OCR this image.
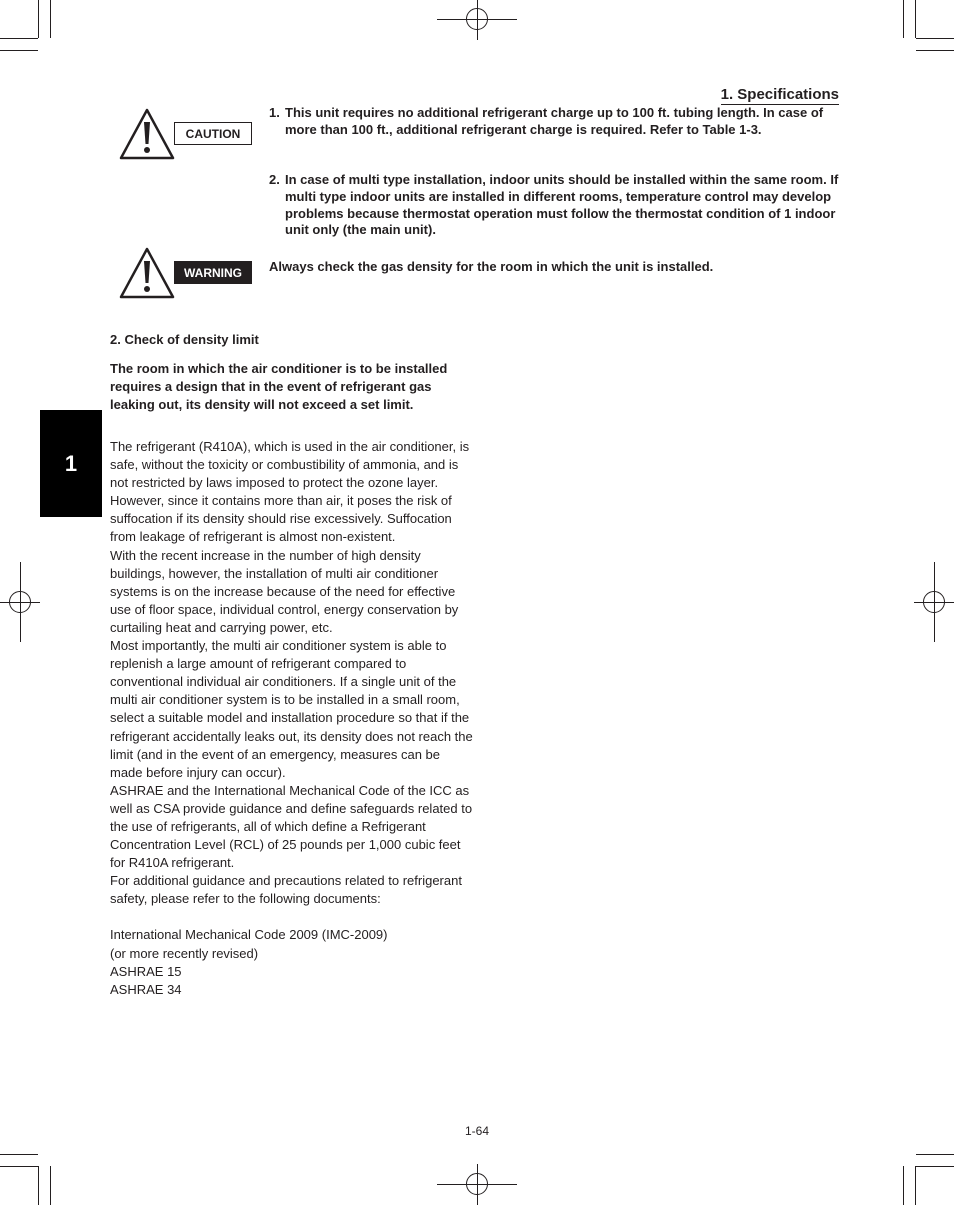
1. Specifications
CAUTION
1. This unit requires no additional refrigerant charge up to 100 ft. tubing length. In case of more than 100 ft., additional refrigerant charge is required. Refer to Table 1-3.
2. In case of multi type installation, indoor units should be installed within the same room. If multi type indoor units are installed in different rooms, temperature control may develop problems because thermostat operation must follow the thermostat condition of 1 indoor unit only (the main unit).
WARNING	Always check the gas density for the room in which the unit is installed.
1
2. Check of density limit
The room in which the air conditioner is to be installed requires a design that in the event of refrigerant gas leaking out, its density will not exceed a set limit.

The refrigerant (R410A), which is used in the air conditioner, is safe, without the toxicity or combustibility of ammonia, and is not restricted by laws imposed to protect the ozone layer. However, since it contains more than air, it poses the risk of suffocation if its density should rise excessively. Suffocation from leakage of refrigerant is almost non-existent.

With the recent increase in the number of high density buildings, however, the installation of multi air conditioner systems is on the increase because of the need for effective use of floor space, individual control, energy conservation by curtailing heat and carrying power, etc.

Most importantly, the multi air conditioner system is able to replenish a large amount of refrigerant compared to conventional individual air conditioners. If a single unit of the multi air conditioner system is to be installed in a small room, select a suitable model and installation procedure so that if the refrigerant accidentally leaks out, its density does not reach the limit (and in the event of an emergency, measures can be made before injury can occur).

ASHRAE and the International Mechanical Code of the ICC as well as CSA provide guidance and define safeguards related to the use of refrigerants, all of which define a Refrigerant Concentration Level (RCL) of 25 pounds per 1,000 cubic feet for R410A refrigerant.

For additional guidance and precautions related to refrigerant safety, please refer to the following documents:

International Mechanical Code 2009 (IMC-2009)

(or more recently revised)

ASHRAE 15

ASHRAE 34

1-64
